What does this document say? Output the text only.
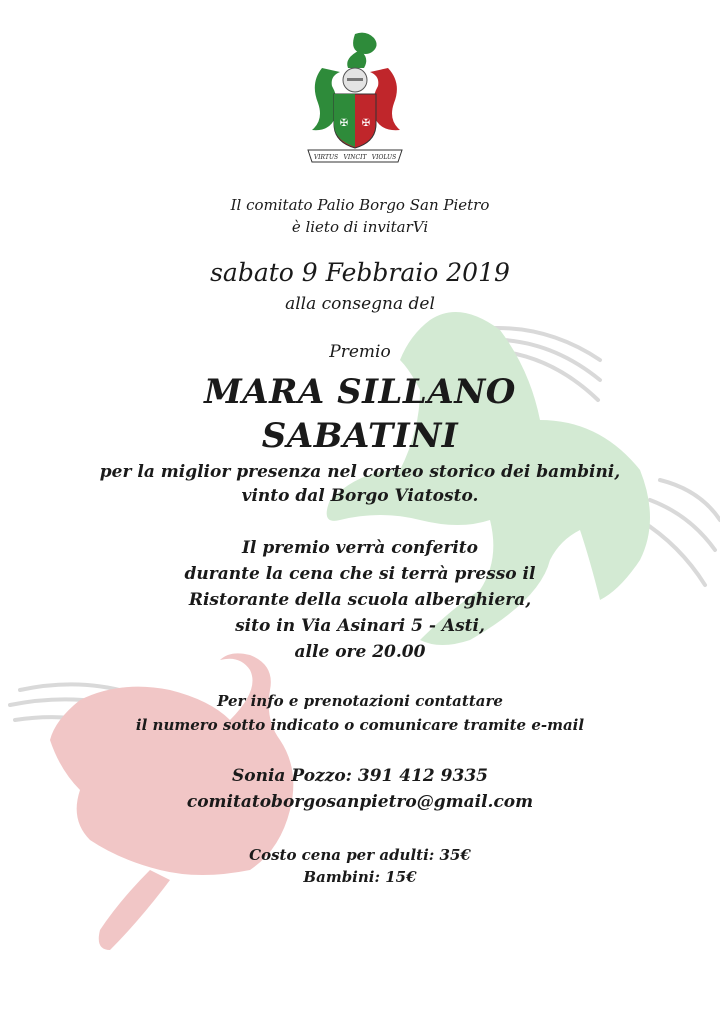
✠ ✠
VIRTUS VINCIT VIOLUS
Il comitato Palio Borgo San Pietro
è lieto di invitarVi
sabato 9 Febbraio 2019
alla consegna del
Premio
MARA SILLANO
SABATINI
per la miglior presenza nel corteo storico dei bambini,
vinto dal Borgo Viatosto.
Il premio verrà conferito
durante la cena che si terrà presso il
Ristorante della scuola alberghiera,
sito in Via Asinari 5 - Asti,
alle ore 20.00
Per info e prenotazioni contattare
il numero sotto indicato o comunicare tramite e-mail
Sonia Pozzo: 391 412 9335
comitatoborgosanpietro@gmail.com
Costo cena per adulti: 35€
Bambini: 15€
